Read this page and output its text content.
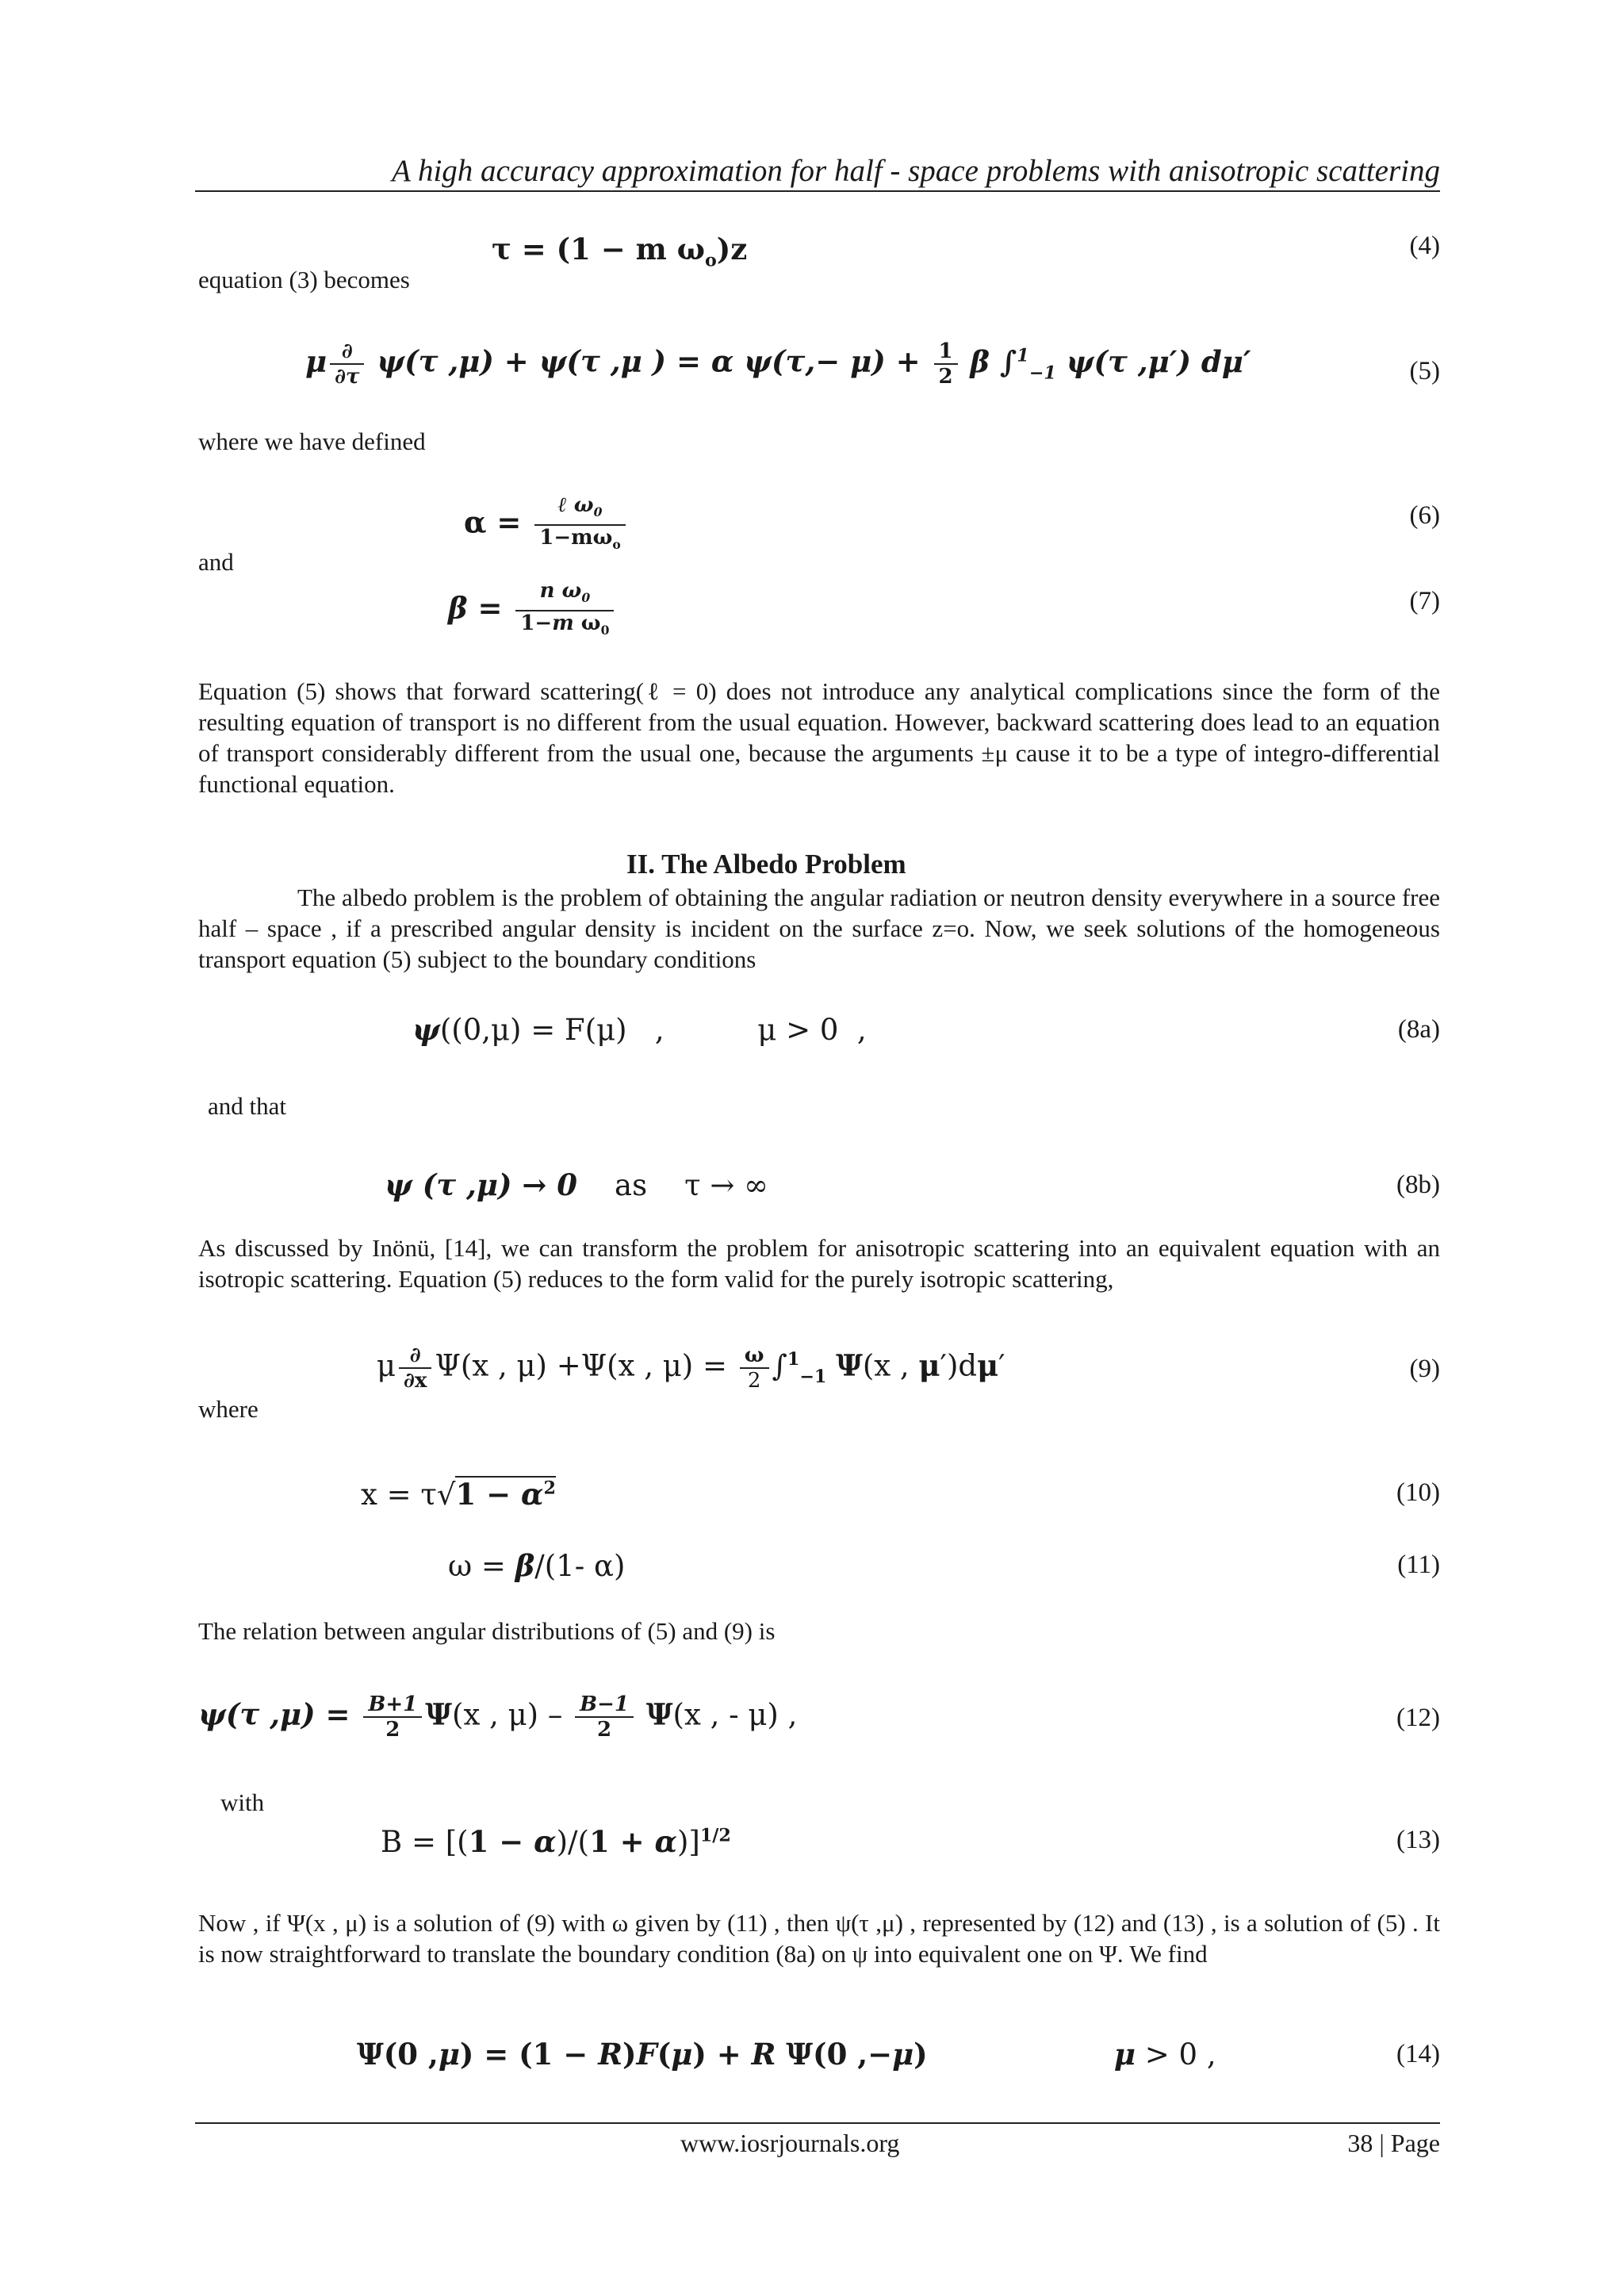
A high accuracy approximation for half - space problems with anisotropic scattering
τ = (1 − m $\omega_o)z$	(4)
equation (3) becomes
μ $\frac{\partial}{\partial\tau} \psi(\tau$ ,μ) + ψ(τ ,μ ) = α $\psi(\tau,- \mu) + \frac{1}{2}$ β ∫$^1_{-1}$ ψ(τ ,μ′) dμ′	(5)
where we have defined
$\alpha = \frac{\ell \omega_0}{1-m\omega_o}$	(6)
and
$\beta = \frac{n \omega_0}{1-m \omega_0}$	(7)
Equation (5) shows that forward scattering(ℓ = 0) does not introduce any analytical complications since the form of the resulting equation of transport is no different from the usual equation. However, backward scattering does lead to an equation of transport considerably different from the usual one, because the arguments ±μ cause it to be a type of integro-differential functional equation.
II. The Albedo Problem
The albedo problem is the problem of obtaining the angular radiation or neutron density everywhere in a source free half – space , if a prescribed angular density is incident on the surface z=o. Now, we seek solutions of the homogeneous transport equation (5) subject to the boundary conditions
ψ((0,μ) = F(μ)   ,          μ > 0  ,	(8a)
and that
ψ (τ ,μ) → 0    as    τ → ∞	(8b)
As discussed by Inönü, [14], we can transform the problem for anisotropic scattering into an equivalent equation with an isotropic scattering. Equation (5) reduces to the form valid for the purely isotropic scattering,
μ $\frac{\partial}{\partial x} \Psi(x$ , μ) +Ψ(x , $\mu) = \frac{\omega}{2} \int^1_{-1}$ Ψ(x , μ′)dμ′	(9)
where
$x = \tau√1 - \alpha^2$	(10)
ω = β/(1- α)	(11)
The relation between angular distributions of (5) and (9) is
ψ(τ $,\mu) = \frac{B+1}{2} \Psi(x$ , $\mu) - \frac{B-1}{2} \Psi(x$ , - μ) ,	(12)
with
$B = [(1 - \alpha)/(1 + \alpha)]^{1/2}$	(13)
Now , if Ψ(x , μ) is a solution of (9) with ω given by (11) , then ψ(τ ,μ) , represented by (12) and (13) , is a solution of (5) . It is now straightforward to translate the boundary condition (8a) on ψ into equivalent one on Ψ. We find
Ψ(0 ,μ) = (1 − R)F(μ) + R Ψ(0 ,−μ)	μ > 0 ,	(14)
www.iosrjournals.org	38 | Page
